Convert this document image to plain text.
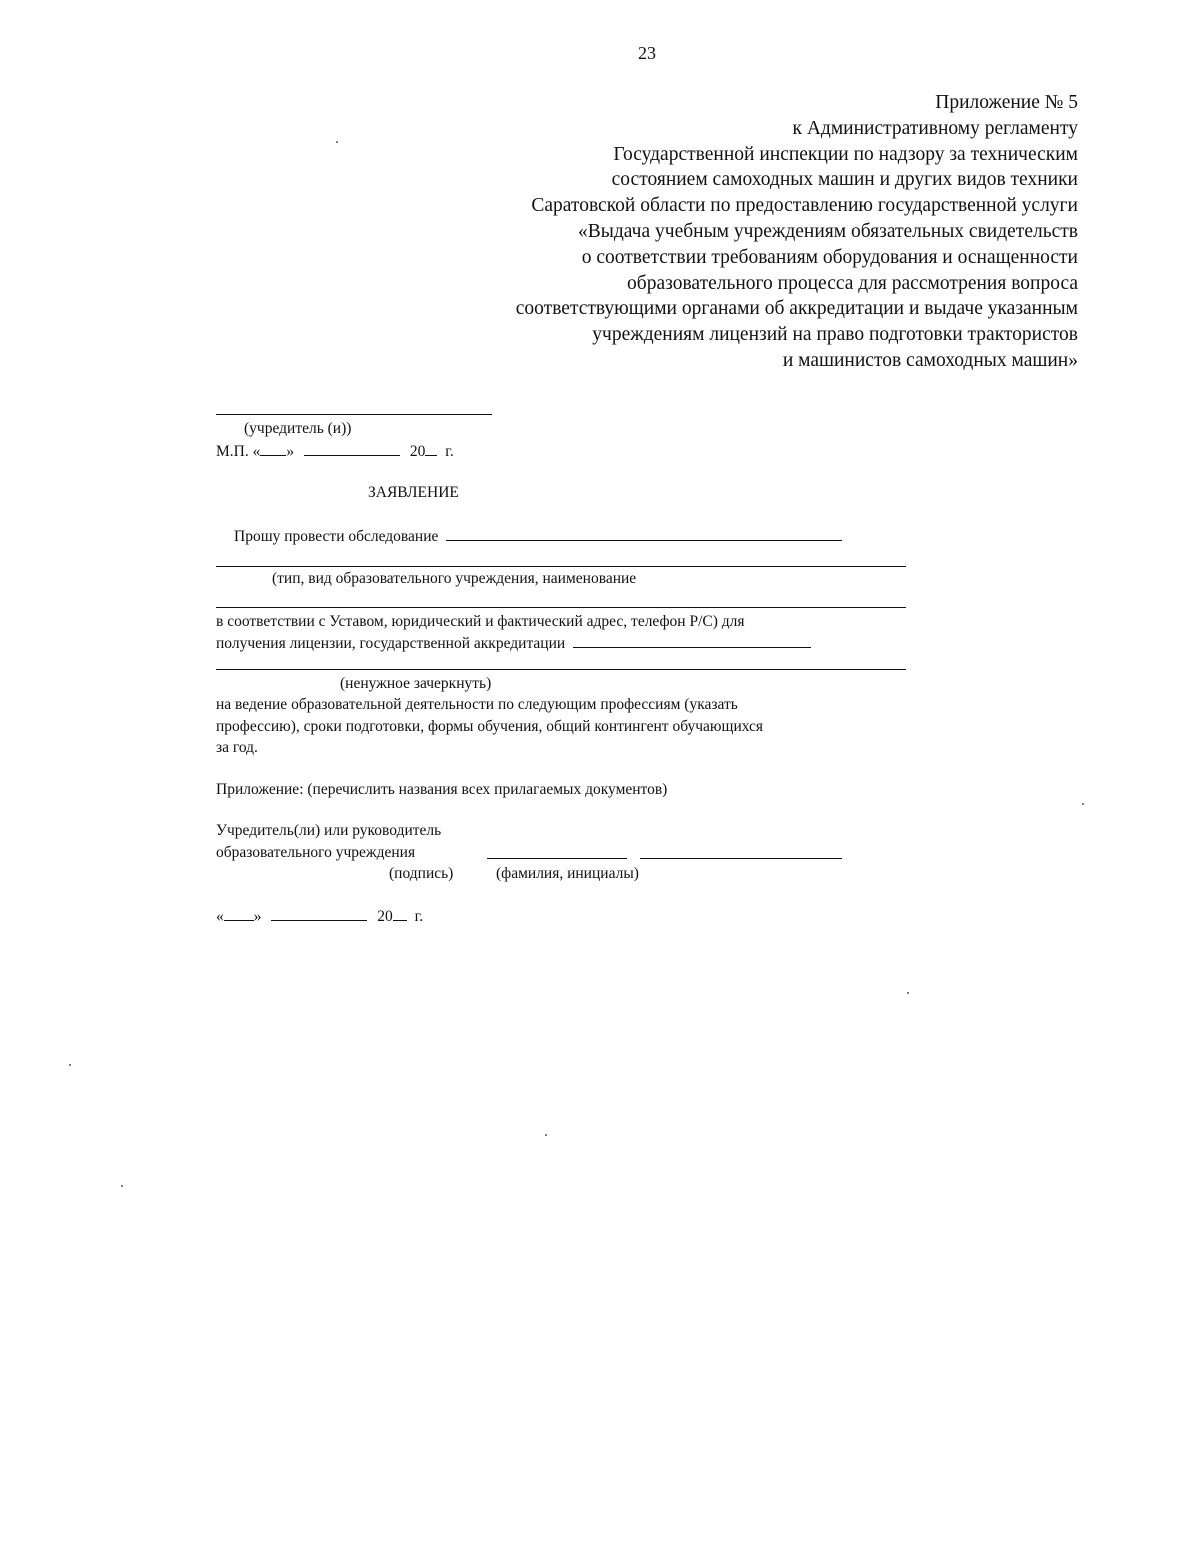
23
Приложение № 5
к Административному регламенту
Государственной инспекции по надзору за техническим
состоянием самоходных машин и других видов техники
Саратовской области по предоставлению государственной услуги
«Выдача учебным учреждениям обязательных свидетельств
о соответствии требованиям оборудования и оснащенности
образовательного процесса для рассмотрения вопроса
соответствующими органами об аккредитации и выдаче указанным
учреждениям лицензий на право подготовки трактористов
и машинистов самоходных машин»
(учредитель (и))
М.П. « »	20 г.
ЗАЯВЛЕНИЕ
Прошу провести обследование
(тип, вид образовательного учреждения, наименование
в соответствии с Уставом, юридический и фактический адрес, телефон Р/С) для
получения лицензии, государственной аккредитации
(ненужное зачеркнуть)
на ведение образовательной деятельности по следующим профессиям (указать
профессию), сроки подготовки, формы обучения, общий контингент обучающихся
за год.
Приложение: (перечислить названия всех прилагаемых документов)
Учредитель(ли) или руководитель
образовательного учреждения
(подпись)	(фамилия, инициалы)
« »	20 г.
